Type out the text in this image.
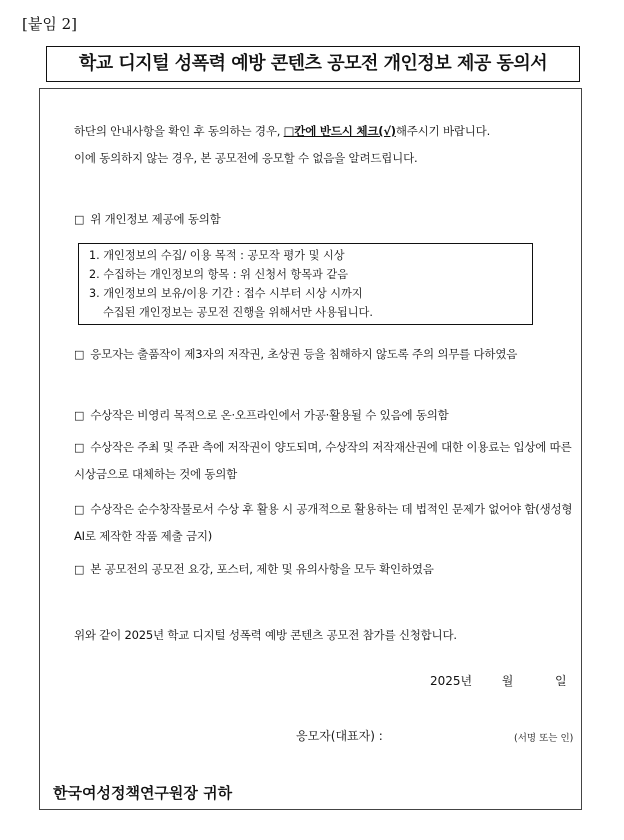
[붙임 2]
학교 디지털 성폭력 예방 콘텐츠 공모전 개인정보 제공 동의서
하단의 안내사항을 확인 후 동의하는 경우, □칸에 반드시 체크(√)해주시기 바랍니다.
이에 동의하지 않는 경우, 본 공모전에 응모할 수 없음을 알려드립니다.
□ 위 개인정보 제공에 동의함
1. 개인정보의 수집/ 이용 목적 : 공모작 평가 및 시상
2. 수집하는 개인정보의 항목 : 위 신청서 항목과 같음
3. 개인정보의 보유/이용 기간 : 접수 시부터 시상 시까지
수집된 개인정보는 공모전 진행을 위해서만 사용됩니다.
□ 응모자는 출품작이 제3자의 저작권, 초상권 등을 침해하지 않도록 주의 의무를 다하였음
□ 수상작은 비영리 목적으로 온·오프라인에서 가공·활용될 수 있음에 동의함
□ 수상작은 주최 및 주관 측에 저작권이 양도되며, 수상작의 저작재산권에 대한 이용료는 입상에 따른 시상금으로 대체하는 것에 동의함
□ 수상작은 순수창작물로서 수상 후 활용 시 공개적으로 활용하는 데 법적인 문제가 없어야 함(생성형 AI로 제작한 작품 제출 금지)
□ 본 공모전의 공모전 요강, 포스터, 제한 및 유의사항을 모두 확인하였음
위와 같이 2025년 학교 디지털 성폭력 예방 콘텐츠 공모전 참가를 신청합니다.
2025년 월	일
응모자(대표자) :	(서명 또는 인)
한국여성정책연구원장 귀하
